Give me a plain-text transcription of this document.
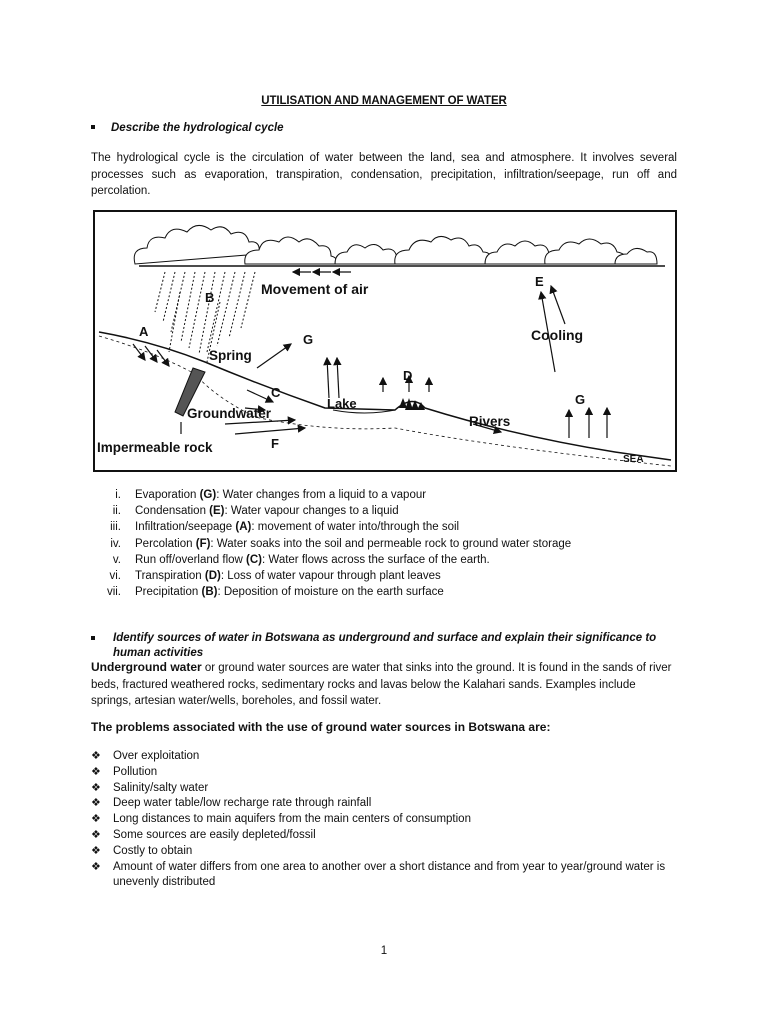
UTILISATION AND MANAGEMENT OF WATER
Describe the hydrological cycle
The hydrological cycle is the circulation of water between the land, sea and atmosphere. It involves several processes such as evaporation, transpiration, condensation, precipitation, infiltration/seepage, run off and percolation.
A
B
C
D
E
F
G
G
Movement of air
Spring
Groundwater
Impermeable rock
Lake
Rivers
Cooling
SEA
i. Evaporation (G): Water changes from a liquid to a vapour
ii. Condensation (E): Water vapour changes to a liquid
iii. Infiltration/seepage (A): movement of water into/through the soil
iv. Percolation (F): Water soaks into the soil and permeable rock to ground water storage
v. Run off/overland flow (C): Water flows across the surface of the earth.
vi. Transpiration (D): Loss of water vapour through plant leaves
vii. Precipitation (B): Deposition of moisture on the earth surface
Identify sources of water in Botswana as underground and surface and explain their significance to human activities
Underground water or ground water sources are water that sinks into the ground. It is found in the sands of river beds, fractured weathered rocks, sedimentary rocks and lavas below the Kalahari sands. Examples include springs, artesian water/wells, boreholes, and fossil water.
The problems associated with the use of ground water sources in Botswana are:
❖ Over exploitation
❖ Pollution
❖ Salinity/salty water
❖ Deep water table/low recharge rate through rainfall
❖ Long distances to main aquifers from the main centers of consumption
❖ Some sources are easily depleted/fossil
❖ Costly to obtain
❖ Amount of water differs from one area to another over a short distance and from year to year/ground water is unevenly distributed
1
